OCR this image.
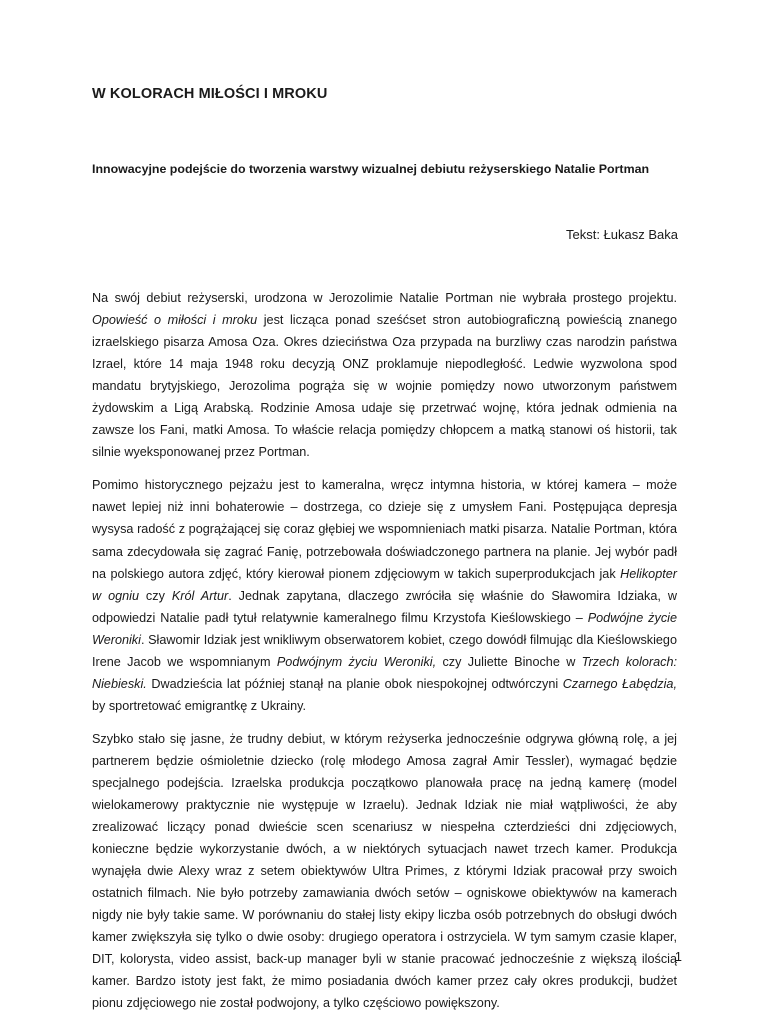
W KOLORACH MIŁOŚCI I MROKU

Innowacyjne podejście do tworzenia warstwy wizualnej debiutu reżyserskiego Natalie Portman

Tekst: Łukasz Baka

Na swój debiut reżyserski, urodzona w Jerozolimie Natalie Portman nie wybrała prostego projektu. Opowieść o miłości i mroku jest licząca ponad sześćset stron autobiograficzną powieścią znanego izraelskiego pisarza Amosa Oza. Okres dzieciństwa Oza przypada na burzliwy czas narodzin państwa Izrael, które 14 maja 1948 roku decyzją ONZ proklamuje niepodległość. Ledwie wyzwolona spod mandatu brytyjskiego, Jerozolima pogrąża się w wojnie pomiędzy nowo utworzonym państwem żydowskim a Ligą Arabską. Rodzinie Amosa udaje się przetrwać wojnę, która jednak odmienia na zawsze los Fani, matki Amosa. To właście relacja pomiędzy chłopcem a matką stanowi oś historii, tak silnie wyeksponowanej przez Portman.

Pomimo historycznego pejzażu jest to kameralna, wręcz intymna historia, w której kamera – może nawet lepiej niż inni bohaterowie – dostrzega, co dzieje się z umysłem Fani. Postępująca depresja wysysa radość z pogrążającej się coraz głębiej we wspomnieniach matki pisarza. Natalie Portman, która sama zdecydowała się zagrać Fanię, potrzebowała doświadczonego partnera na planie. Jej wybór padł na polskiego autora zdjęć, który kierował pionem zdjęciowym w takich superprodukcjach jak Helikopter w ogniu czy Król Artur. Jednak zapytana, dlaczego zwróciła się właśnie do Sławomira Idziaka, w odpowiedzi Natalie padł tytuł relatywnie kameralnego filmu Krzystofa Kieślowskiego – Podwójne życie Weroniki. Sławomir Idziak jest wnikliwym obserwatorem kobiet, czego dowódł filmując dla Kieślowskiego Irene Jacob we wspomnianym Podwójnym życiu Weroniki, czy Juliette Binoche w Trzech kolorach: Niebieski. Dwadzieścia lat później stanął na planie obok niespokojnej odtwórczyni Czarnego Łabędzia, by sportretować emigrantkę z Ukrainy.

Szybko stało się jasne, że trudny debiut, w którym reżyserka jednocześnie odgrywa główną rolę, a jej partnerem będzie ośmioletnie dziecko (rolę młodego Amosa zagrał Amir Tessler), wymagać będzie specjalnego podejścia. Izraelska produkcja początkowo planowała pracę na jedną kamerę (model wielokamerowy praktycznie nie występuje w Izraelu). Jednak Idziak nie miał wątpliwości, że aby zrealizować liczący ponad dwieście scen scenariusz w niespełna czterdzieści dni zdjęciowych, konieczne będzie wykorzystanie dwóch, a w niektórych sytuacjach nawet trzech kamer. Produkcja wynajęła dwie Alexy wraz z setem obiektywów Ultra Primes, z którymi Idziak pracował przy swoich ostatnich filmach. Nie było potrzeby zamawiania dwóch setów – ogniskowe obiektywów na kamerach nigdy nie były takie same. W porównaniu do stałej listy ekipy liczba osób potrzebnych do obsługi dwóch kamer zwiększyła się tylko o dwie osoby: drugiego operatora i ostrzyciela. W tym samym czasie klaper, DIT, kolorysta, video assist, back-up manager byli w stanie pracować jednocześnie z większą ilością kamer. Bardzo istoty jest fakt, że mimo posiadania dwóch kamer przez cały okres produkcji, budżet pionu zdjęciowego nie został podwojony, a tylko częściowo powiększony.

1
